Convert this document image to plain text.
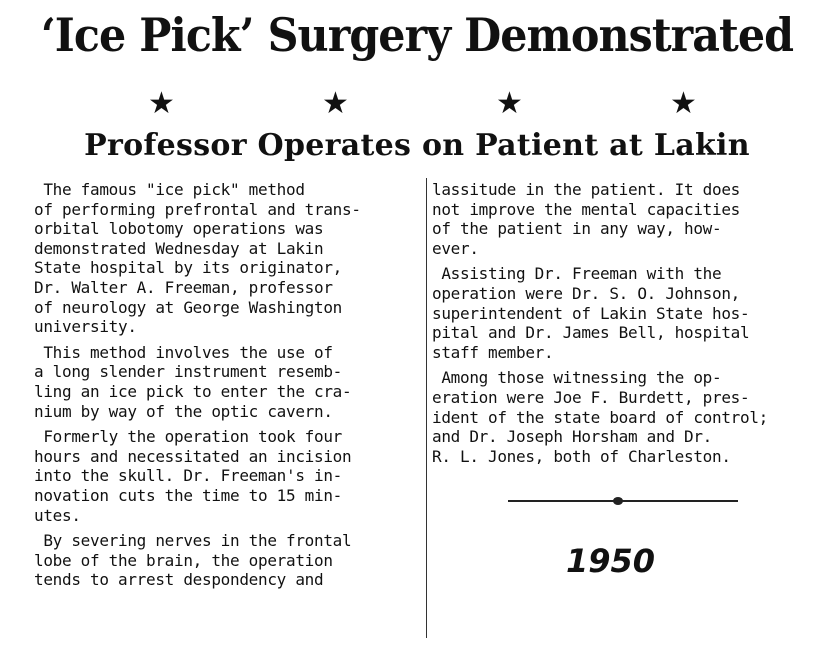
‘Ice Pick’ Surgery Demonstrated
★	★	★	★
Professor Operates on Patient at Lakin
The famous "ice pick" method
of performing prefrontal and trans-
orbital lobotomy operations was
demonstrated Wednesday at Lakin
State hospital by its originator,
Dr. Walter A. Freeman, professor
of neurology at George Washington
university.
This method involves the use of
a long slender instrument resemb-
ling an ice pick to enter the cra-
nium by way of the optic cavern.
Formerly the operation took four
hours and necessitated an incision
into the skull. Dr. Freeman's in-
novation cuts the time to 15 min-
utes.
By severing nerves in the frontal
lobe of the brain, the operation
tends to arrest despondency and
lassitude in the patient. It does
not improve the mental capacities
of the patient in any way, how-
ever.
Assisting Dr. Freeman with the
operation were Dr. S. O. Johnson,
superintendent of Lakin State hos-
pital and Dr. James Bell, hospital
staff member.
Among those witnessing the op-
eration were Joe F. Burdett, pres-
ident of the state board of control;
and Dr. Joseph Horsham and Dr.
R. L. Jones, both of Charleston.
1950
